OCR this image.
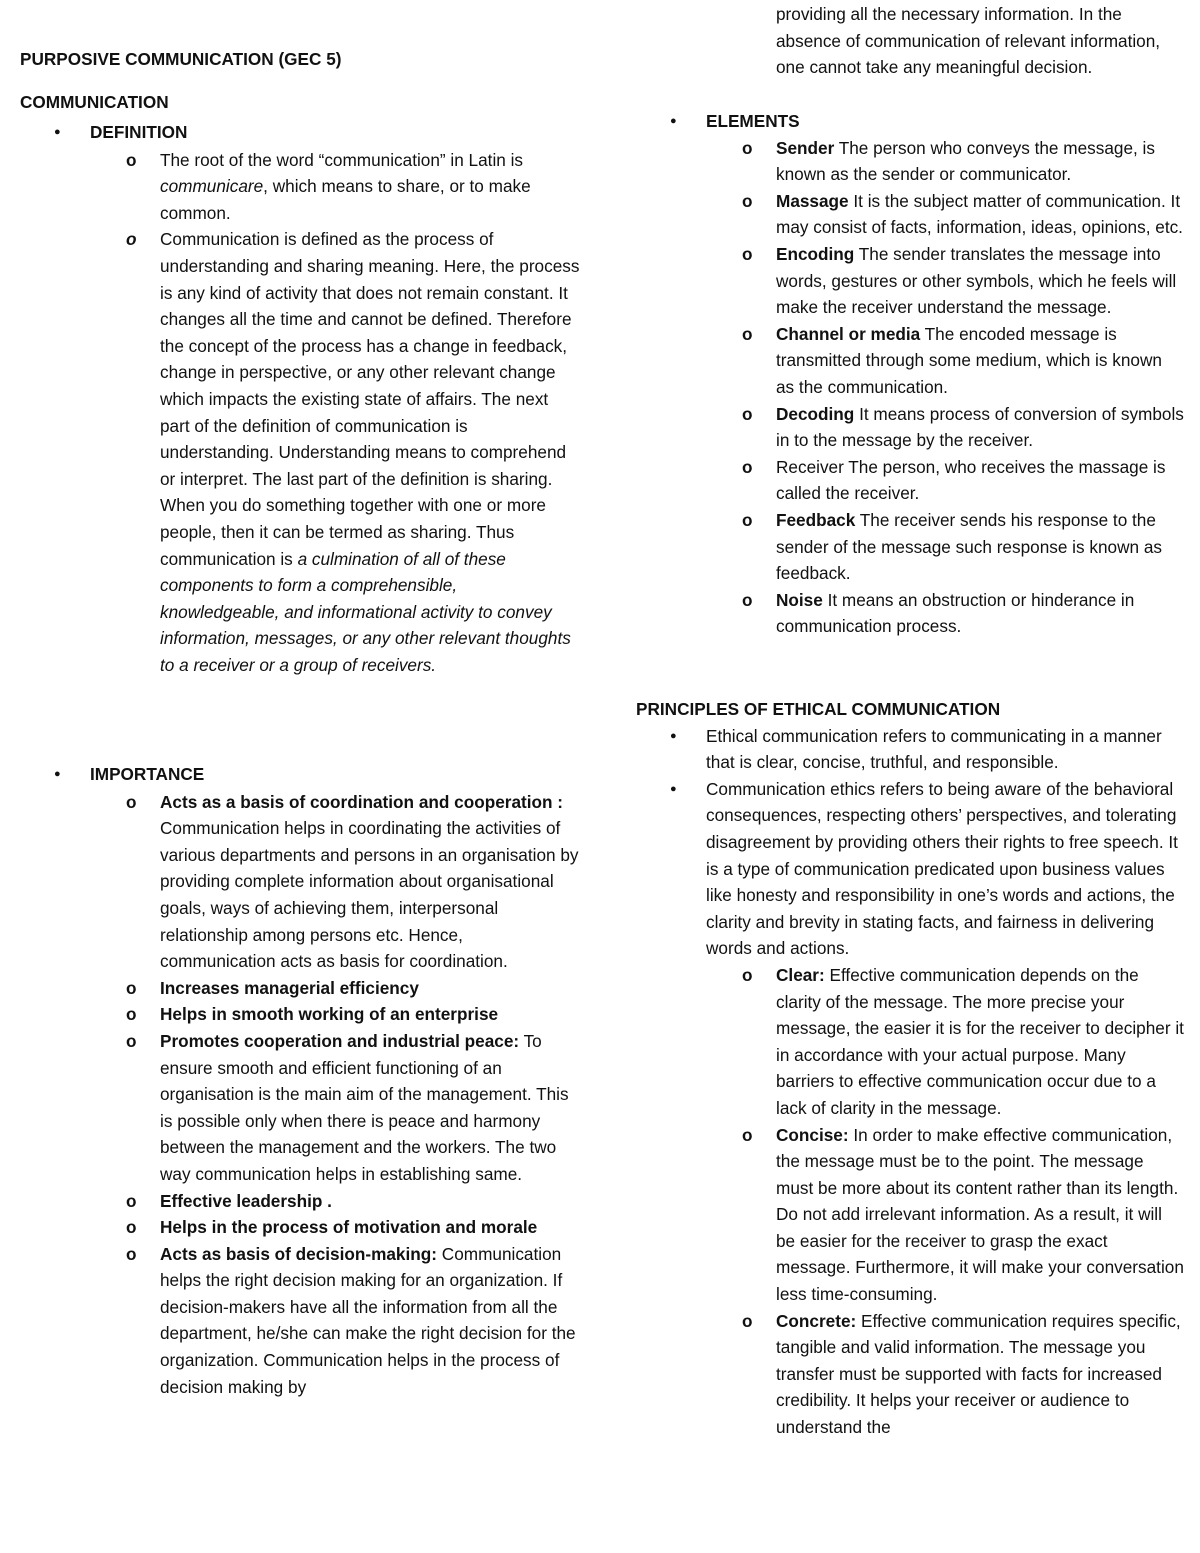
PURPOSIVE COMMUNICATION (GEC 5)

COMMUNICATION

● DEFINITION

o The root of the word “communication” in Latin is communicare, which means to share, or to make common.

o Communication is defined as the process of understanding and sharing meaning. Here, the process is any kind of activity that does not remain constant. It changes all the time and cannot be defined. Therefore the concept of the process has a change in feedback, change in perspective, or any other relevant change which impacts the existing state of affairs. The next part of the definition of communication is understanding. Understanding means to comprehend or interpret. The last part of the definition is sharing. When you do something together with one or more people, then it can be termed as sharing. Thus communication is a culmination of all of these components to form a comprehensible, knowledgeable, and informational activity to convey information, messages, or any other relevant thoughts to a receiver or a group of receivers.

● IMPORTANCE

o Acts as a basis of coordination and cooperation : Communication helps in coordinating the activities of various departments and persons in an organisation by providing complete information about organisational goals, ways of achieving them, interpersonal relationship among persons etc. Hence, communication acts as basis for coordination.

o Increases managerial efficiency

o Helps in smooth working of an enterprise

o Promotes cooperation and industrial peace: To ensure smooth and efficient functioning of an organisation is the main aim of the management. This is possible only when there is peace and harmony between the management and the workers. The two way communication helps in establishing same.

o Effective leadership .

o Helps in the process of motivation and morale

o Acts as basis of decision-making: Communication helps the right decision making for an organization. If decision-makers have all the information from all the department, he/she can make the right decision for the organization. Communication helps in the process of decision making by

providing all the necessary information. In the absence of communication of relevant information, one cannot take any meaningful decision.

● ELEMENTS

o Sender The person who conveys the message, is known as the sender or communicator.

o Massage It is the subject matter of communication. It may consist of facts, information, ideas, opinions, etc.

o Encoding The sender translates the message into words, gestures or other symbols, which he feels will make the receiver understand the message.

o Channel or media The encoded message is transmitted through some medium, which is known as the communication.

o Decoding It means process of conversion of symbols in to the message by the receiver.

o Receiver The person, who receives the massage is called the receiver.

o Feedback The receiver sends his response to the sender of the message such response is known as feedback.

o Noise It means an obstruction or hinderance in communication process.

PRINCIPLES OF ETHICAL COMMUNICATION

● Ethical communication refers to communicating in a manner that is clear, concise, truthful, and responsible.

● Communication ethics refers to being aware of the behavioral consequences, respecting others’ perspectives, and tolerating disagreement by providing others their rights to free speech. It is a type of communication predicated upon business values like honesty and responsibility in one’s words and actions, the clarity and brevity in stating facts, and fairness in delivering words and actions.

o Clear: Effective communication depends on the clarity of the message. The more precise your message, the easier it is for the receiver to decipher it in accordance with your actual purpose. Many barriers to effective communication occur due to a lack of clarity in the message.

o Concise: In order to make effective communication, the message must be to the point. The message must be more about its content rather than its length. Do not add irrelevant information. As a result, it will be easier for the receiver to grasp the exact message. Furthermore, it will make your conversation less time-consuming.

o Concrete: Effective communication requires specific, tangible and valid information. The message you transfer must be supported with facts for increased credibility. It helps your receiver or audience to understand the
